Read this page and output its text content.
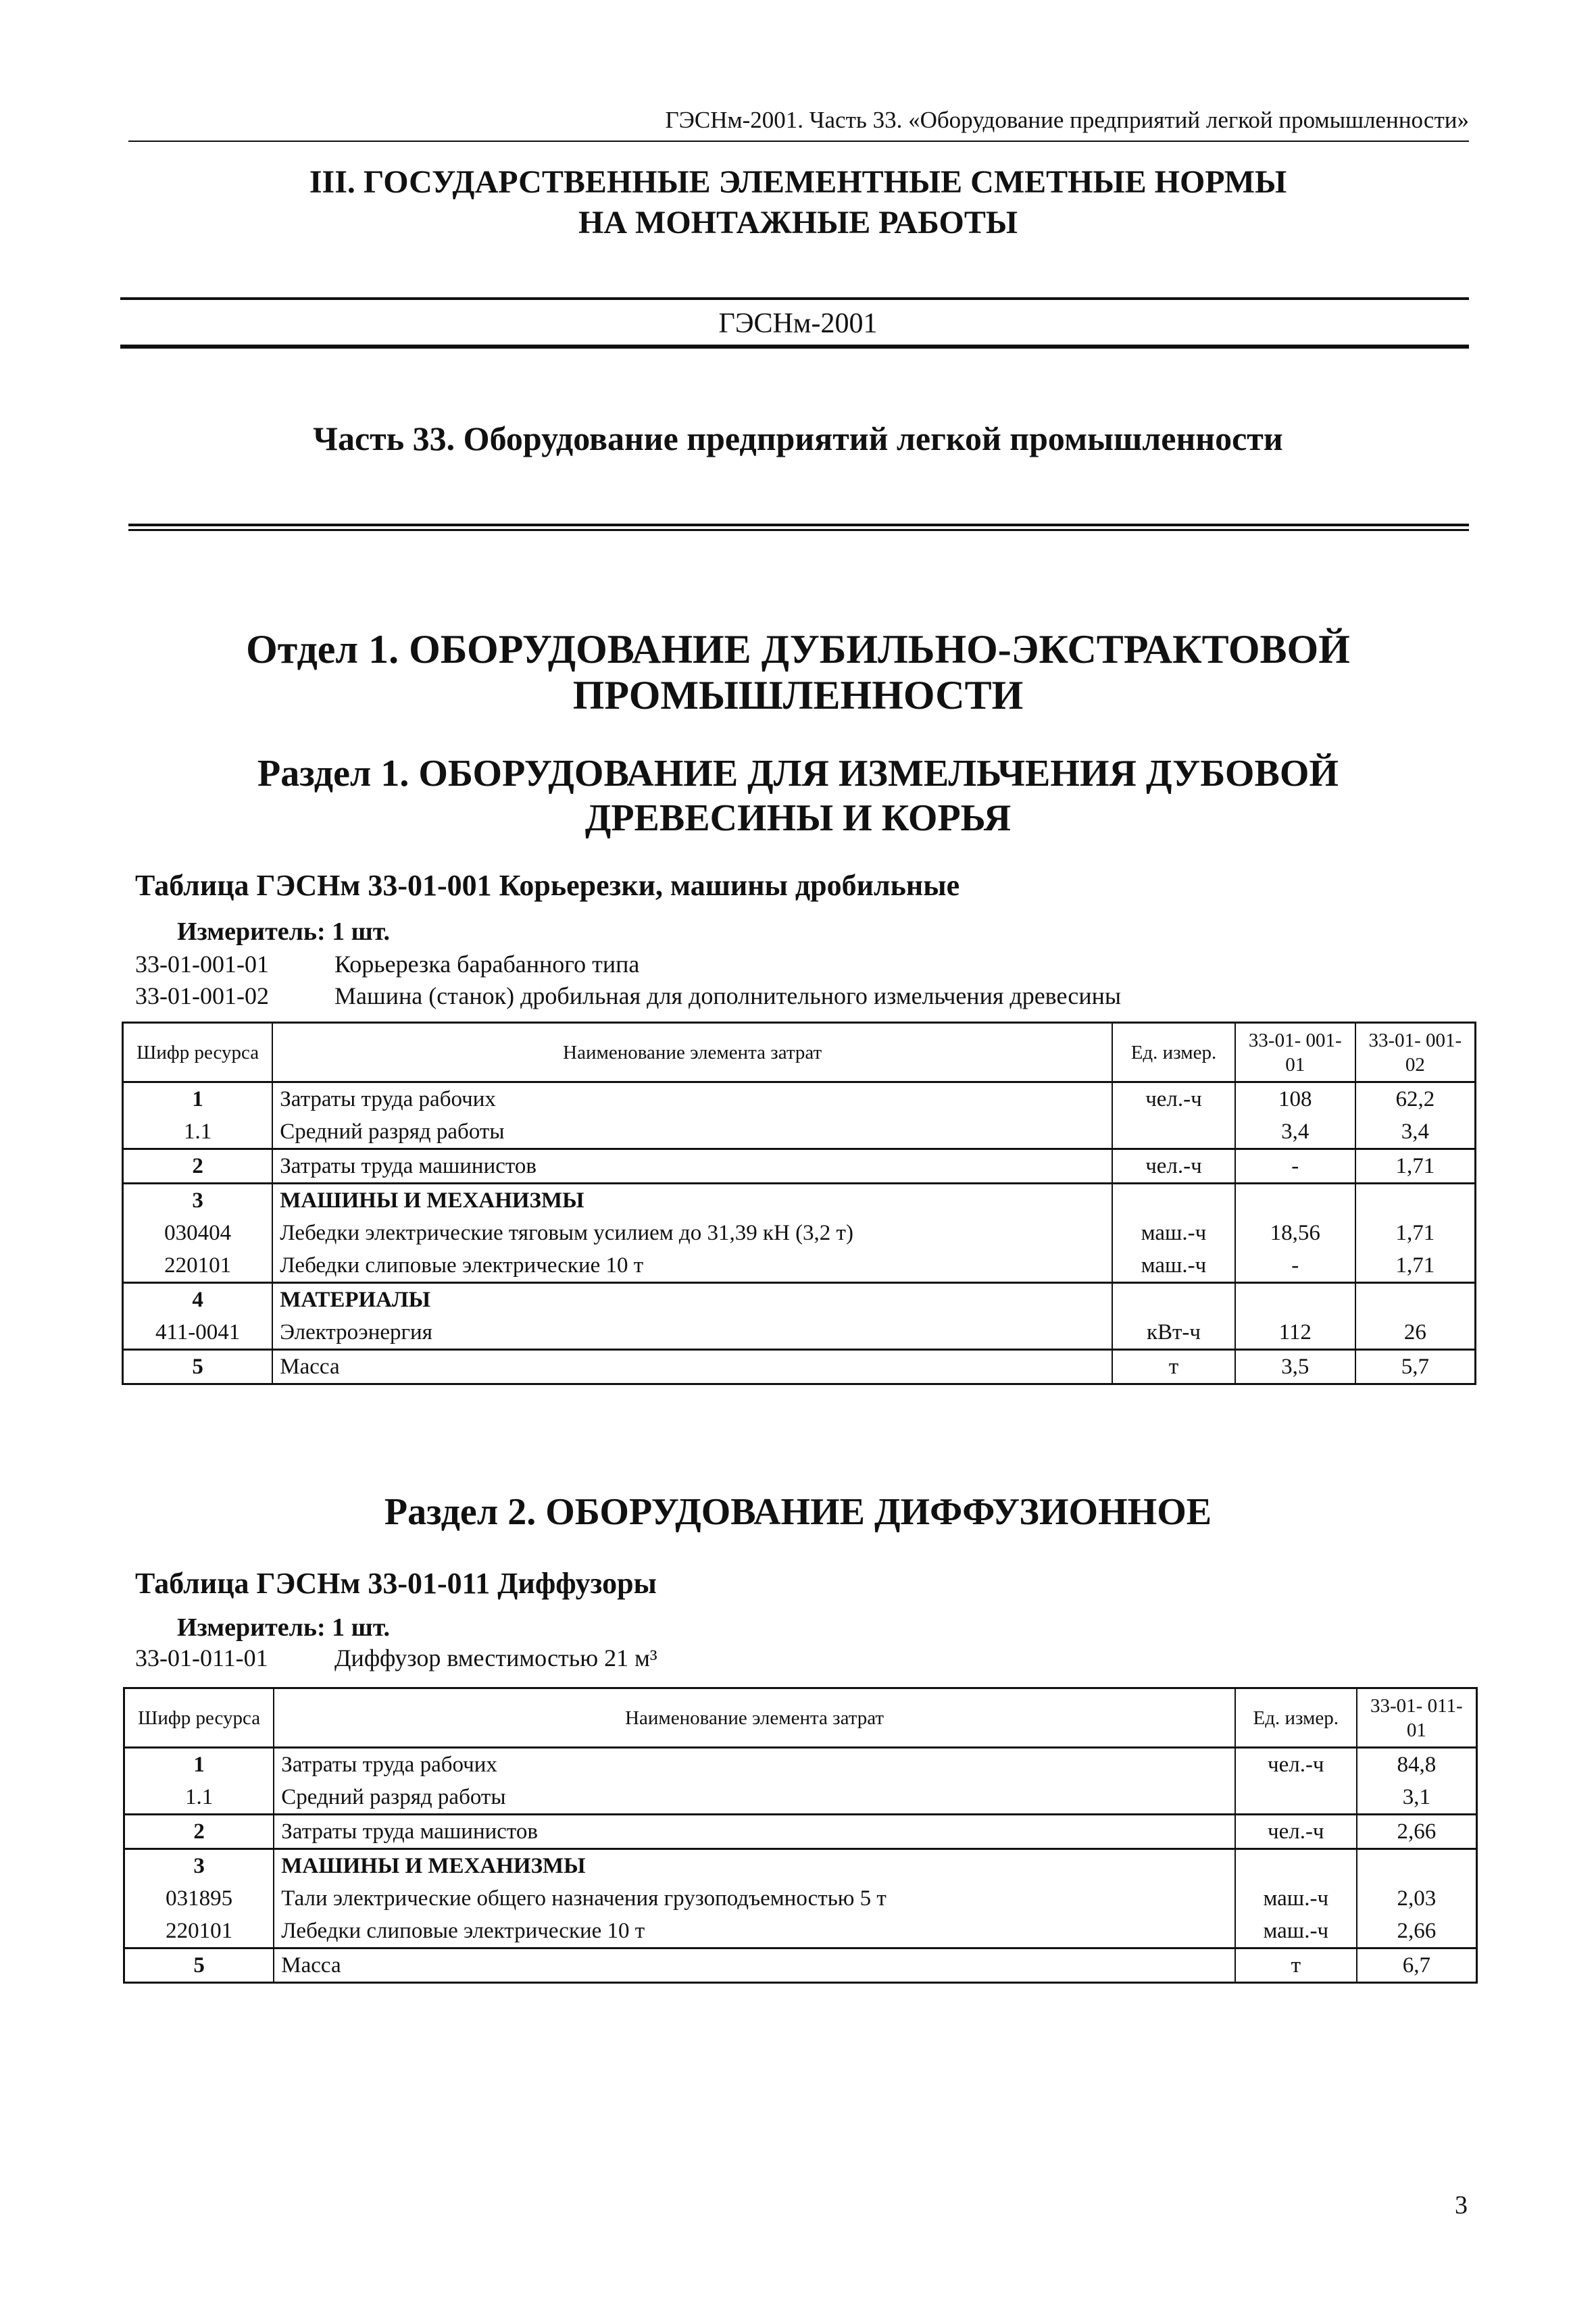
ГЭСНм-2001. Часть 33. «Оборудование предприятий легкой промышленности»
III. ГОСУДАРСТВЕННЫЕ ЭЛЕМЕНТНЫЕ СМЕТНЫЕ НОРМЫ
НА МОНТАЖНЫЕ РАБОТЫ
ГЭСНм-2001
Часть 33. Оборудование предприятий легкой промышленности
Отдел 1. ОБОРУДОВАНИЕ ДУБИЛЬНО-ЭКСТРАКТОВОЙ
ПРОМЫШЛЕННОСТИ
Раздел 1. ОБОРУДОВАНИЕ ДЛЯ ИЗМЕЛЬЧЕНИЯ ДУБОВОЙ
ДРЕВЕСИНЫ И КОРЬЯ
Таблица ГЭСНм 33-01-001 Корьерезки, машины дробильные
Измеритель: 1 шт.
33-01-001-01	Корьерезка барабанного типа
33-01-001-02	Машина (станок) дробильная для дополнительного измельчения древесины
Шифр ресурса	Наименование элемента затрат	Ед. измер.	33-01- 001-01	33-01- 001-02
1	Затраты труда рабочих	чел.-ч	108	62,2
1.1	Средний разряд работы		3,4	3,4
2	Затраты труда машинистов	чел.-ч	-	1,71
3	МАШИНЫ И МЕХАНИЗМЫ			
030404	Лебедки электрические тяговым усилием до 31,39 кН (3,2 т)	маш.-ч	18,56	1,71
220101	Лебедки слиповые электрические 10 т	маш.-ч	-	1,71
4	МАТЕРИАЛЫ			
411-0041	Электроэнергия	кВт-ч	112	26
5	Масса	т	3,5	5,7
Раздел 2. ОБОРУДОВАНИЕ ДИФФУЗИОННОЕ
Таблица ГЭСНм 33-01-011 Диффузоры
Измеритель: 1 шт.
33-01-011-01	Диффузор вместимостью 21 м³
Шифр ресурса	Наименование элемента затрат	Ед. измер.	33-01- 011-01
1	Затраты труда рабочих	чел.-ч	84,8
1.1	Средний разряд работы		3,1
2	Затраты труда машинистов	чел.-ч	2,66
3	МАШИНЫ И МЕХАНИЗМЫ		
031895	Тали электрические общего назначения грузоподъемностью 5 т	маш.-ч	2,03
220101	Лебедки слиповые электрические 10 т	маш.-ч	2,66
5	Масса	т	6,7
3
